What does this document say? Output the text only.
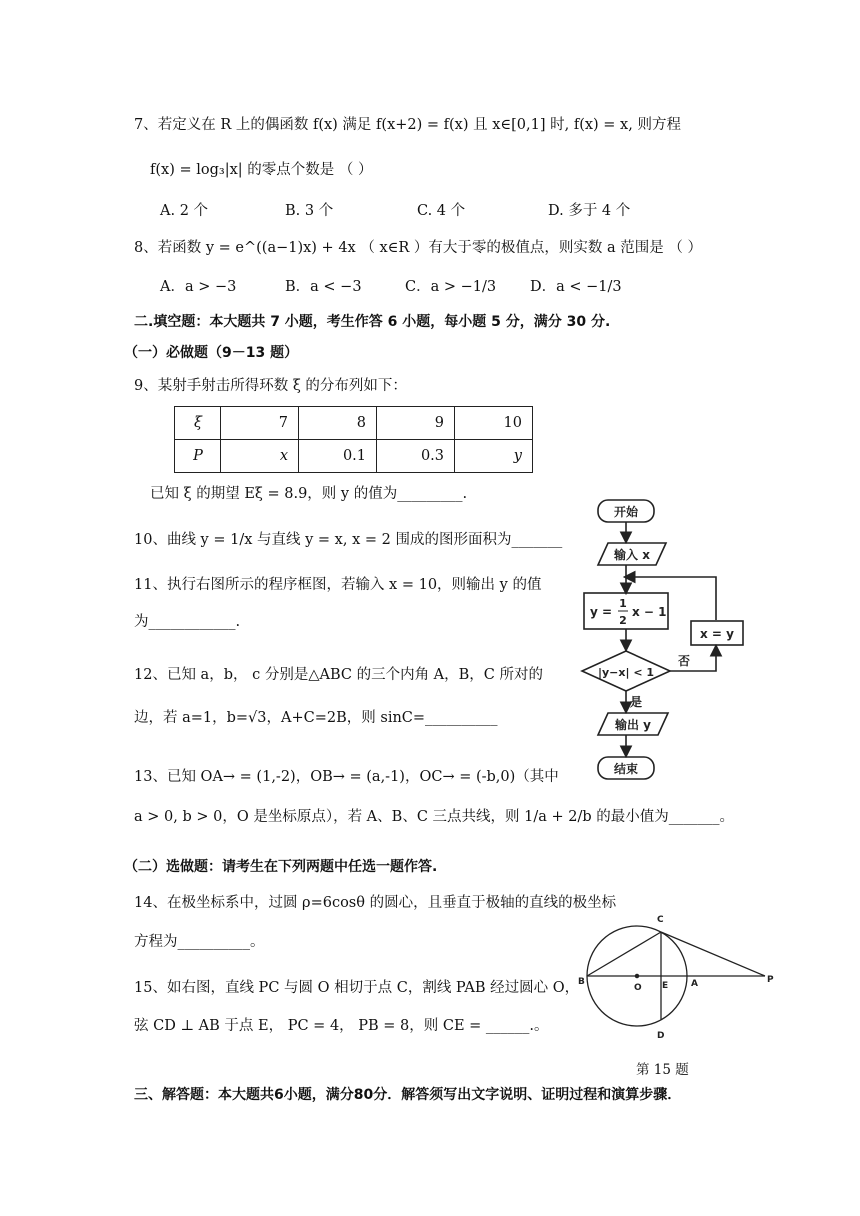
7、若定义在 R 上的偶函数 f(x) 满足 f(x+2) = f(x) 且 x∈[0,1] 时, f(x) = x, 则方程
f(x) = log₃|x| 的零点个数是 （ ）
A. 2 个	B. 3 个	C. 4 个	D. 多于 4 个
8、若函数 y = e^((a−1)x) + 4x （ x∈R ）有大于零的极值点，则实数 a 范围是 （ ）
A．a > −3	B．a < −3	C．a > −1/3 D．a < −1/3
二.填空题：本大题共 7 小题，考生作答 6 小题，每小题 5 分，满分 30 分.
（一）必做题（9－13 题）
9、某射手射击所得环数 ξ 的分布列如下：
ξ	7	8	9	10
P	x	0.1	0.3	y
已知 ξ 的期望 Eξ = 8.9，则 y 的值为_________.
10、曲线 y = 1/x 与直线 y = x, x = 2 围成的图形面积为_______
11、执行右图所示的程序框图，若输入 x = 10，则输出 y 的值
为____________.
12、已知 a，b， c 分别是△ABC 的三个内角 A，B，C 所对的
边，若 a=1，b=√3，A+C=2B，则 sinC=__________
13、已知 OA→ = (1,-2)，OB→ = (a,-1)，OC→ = (-b,0)（其中
a > 0, b > 0，O 是坐标原点），若 A、B、C 三点共线，则 1/a + 2/b 的最小值为_______。
（二）选做题：请考生在下列两题中任选一题作答.
14、在极坐标系中，过圆 ρ=6cosθ 的圆心，且垂直于极轴的直线的极坐标
方程为__________。
15、如右图，直线 PC 与圆 O 相切于点 C，割线 PAB 经过圆心 O，
弦 CD ⊥ AB 于点 E， PC = 4， PB = 8，则 CE = ______.。
第 15 题
三、解答题：本大题共6小题，满分80分．解答须写出文字说明、证明过程和演算步骤．
开始
输入 x
y =
1
2
x − 1
|y−x| < 1
否
x = y
是
输出 y
结束
C
B
O E	A	P
D
